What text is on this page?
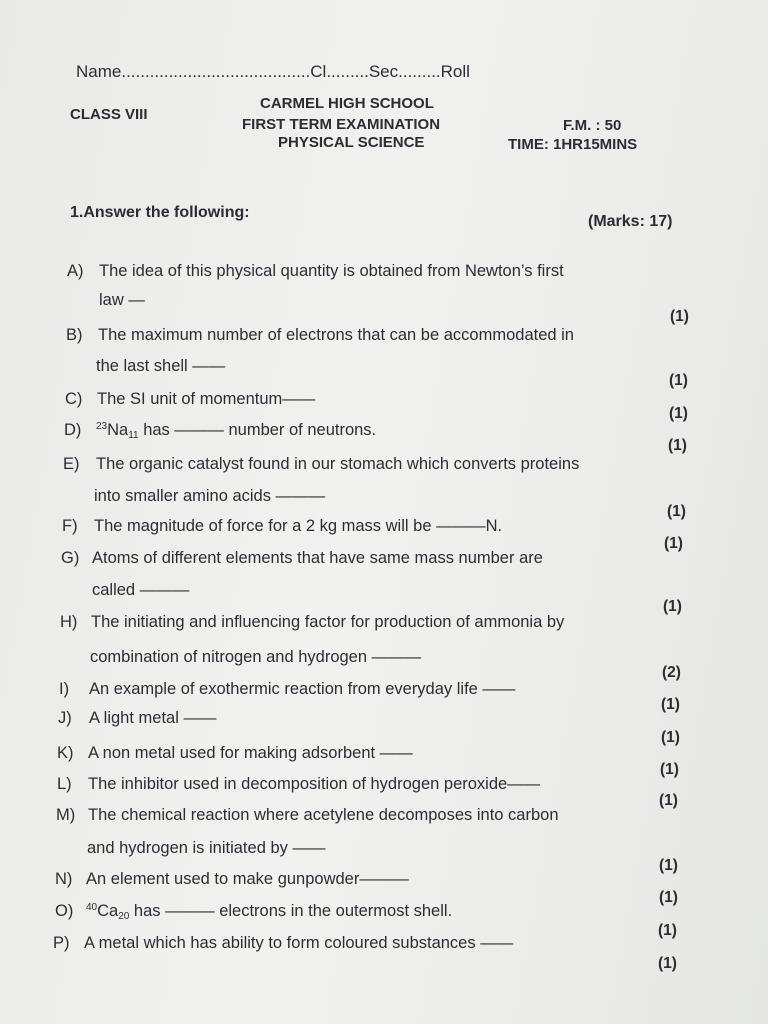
Name........................................Cl.........Sec.........Roll
CLASS VIII
CARMEL HIGH SCHOOL
FIRST TERM EXAMINATION
PHYSICAL SCIENCE
F.M. : 50
TIME: 1HR15MINS
1.Answer the following:
(Marks: 17)
A) The idea of this physical quantity is obtained from Newton’s first
law —
(1)
B) The maximum number of electrons that can be accommodated in
the last shell ——
(1)
C) The SI unit of momentum——
(1)
D) $^{23}Na_{11}$ has ——— number of neutrons.
(1)
E) The organic catalyst found in our stomach which converts proteins
into smaller amino acids ———
(1)
F) The magnitude of force for a 2 kg mass will be ———N.
(1)
G) Atoms of different elements that have same mass number are
called ———
(1)
H) The initiating and influencing factor for production of ammonia by
combination of nitrogen and hydrogen ———
(2)
I) An example of exothermic reaction from everyday life ——
(1)
J) A light metal ——
(1)
K) A non metal used for making adsorbent ——
(1)
L) The inhibitor used in decomposition of hydrogen peroxide——
(1)
M) The chemical reaction where acetylene decomposes into carbon
and hydrogen is initiated by ——
(1)
N) An element used to make gunpowder———
(1)
O) $^{40}Ca_{20}$ has ——— electrons in the outermost shell.
(1)
P) A metal which has ability to form coloured substances ——
(1)
